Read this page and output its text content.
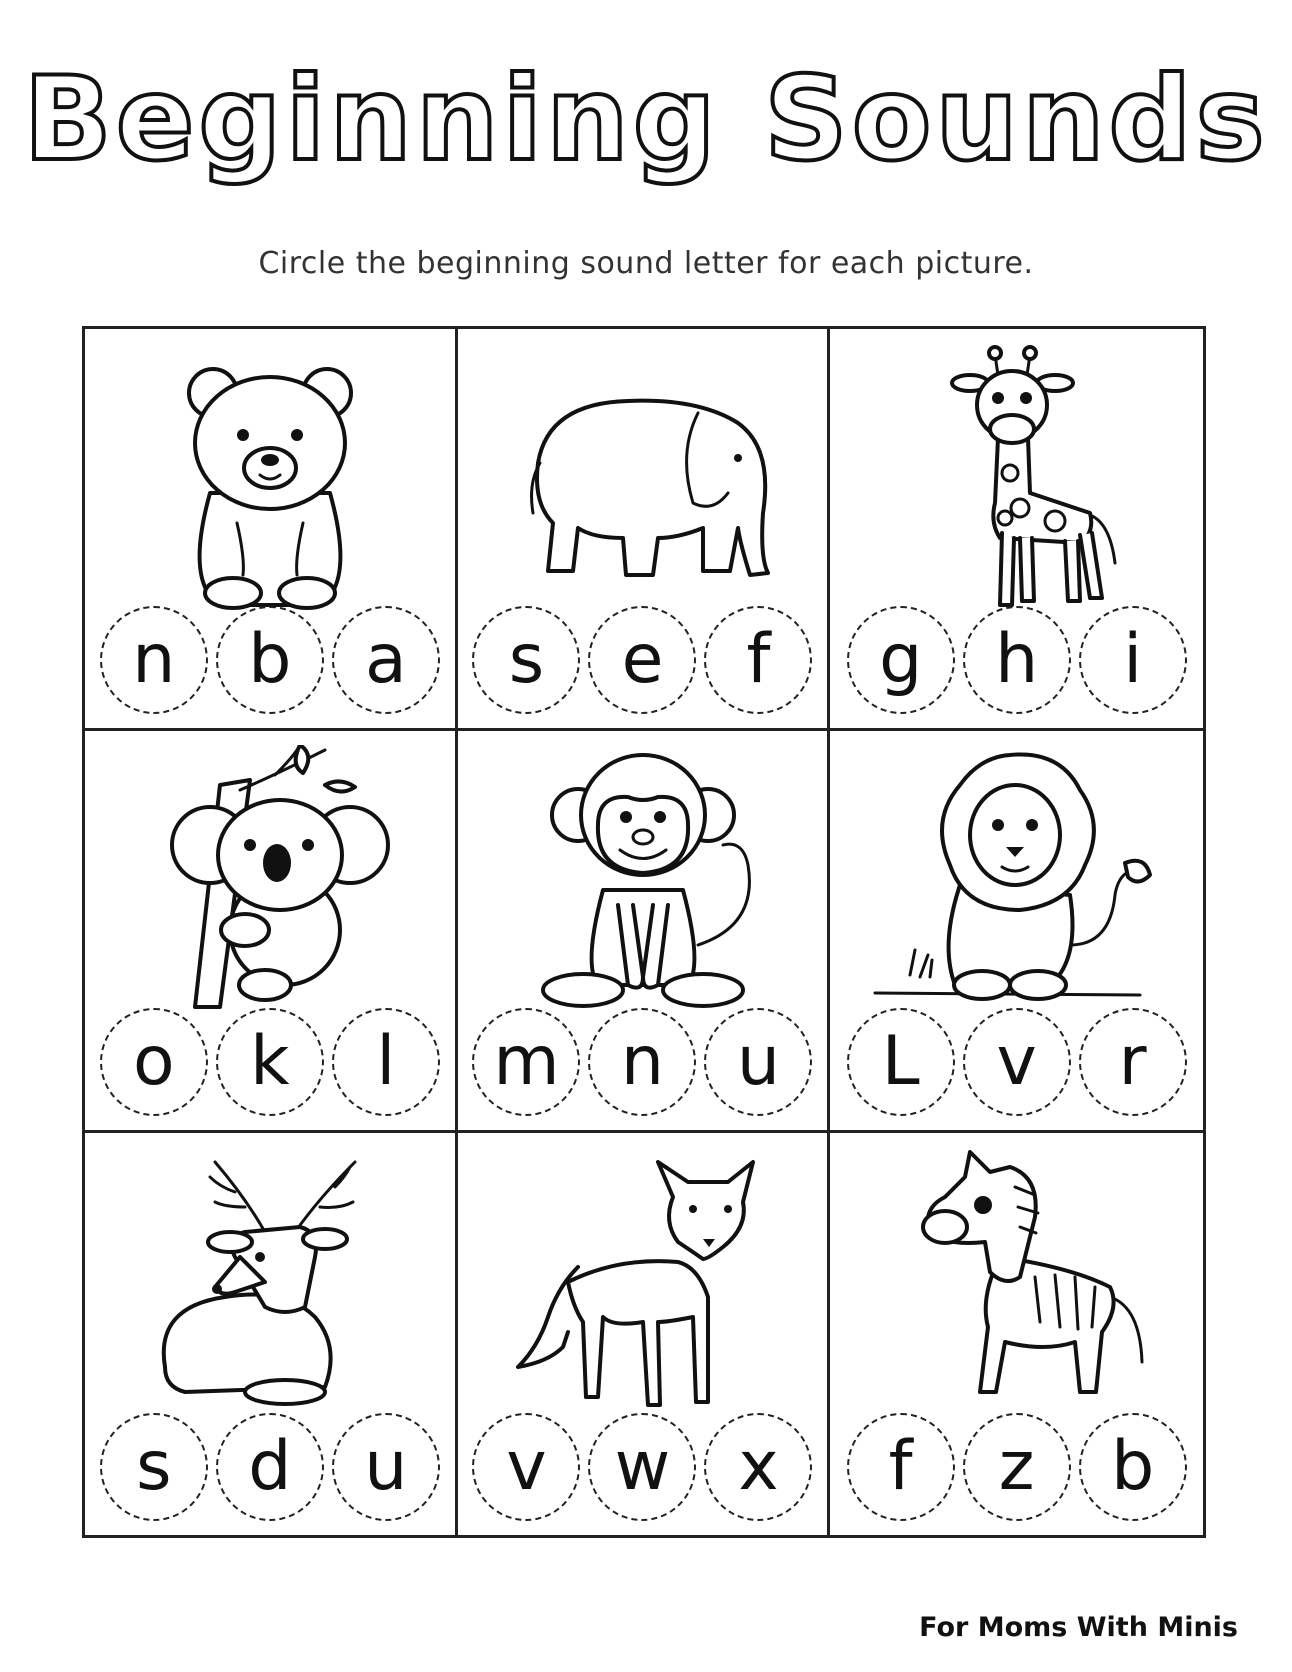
Beginning Sounds
Circle the beginning sound letter for each picture.
n	b	a	s	e	f	g	h	i
o	k	l	m n	u	L	v	r
s	d	u	v	w	x	f	z	b
For Moms With Minis
